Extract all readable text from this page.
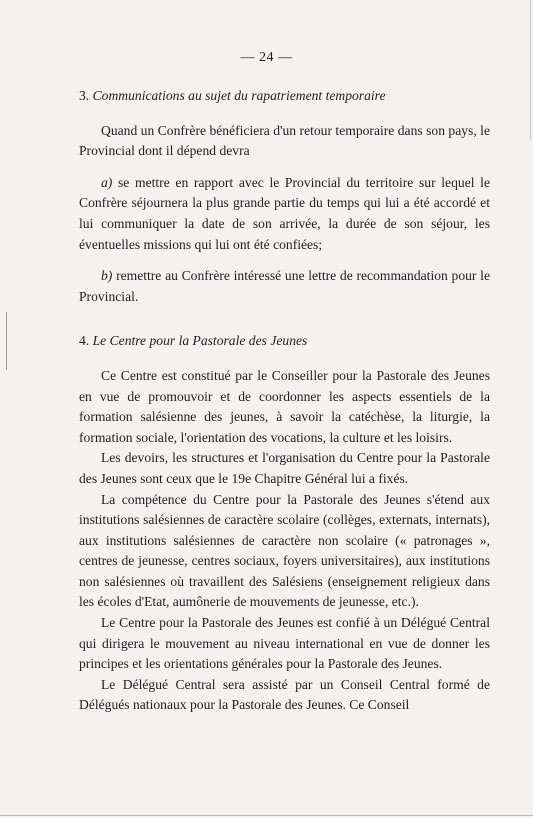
— 24 —
3. Communications au sujet du rapatriement temporaire

Quand un Confrère bénéficiera d'un retour temporaire dans son pays, le Provincial dont il dépend devra

a) se mettre en rapport avec le Provincial du territoire sur lequel le Confrère séjournera la plus grande partie du temps qui lui a été accordé et lui communiquer la date de son arrivée, la durée de son séjour, les éventuelles missions qui lui ont été confiées;

b) remettre au Confrère intéressé une lettre de recommandation pour le Provincial.

4. Le Centre pour la Pastorale des Jeunes

Ce Centre est constitué par le Conseiller pour la Pastorale des Jeunes en vue de promouvoir et de coordonner les aspects essentiels de la formation salésienne des jeunes, à savoir la catéchèse, la liturgie, la formation sociale, l'orientation des vocations, la culture et les loisirs.

Les devoirs, les structures et l'organisation du Centre pour la Pastorale des Jeunes sont ceux que le 19e Chapitre Général lui a fixés.

La compétence du Centre pour la Pastorale des Jeunes s'étend aux institutions salésiennes de caractère scolaire (collèges, externats, internats), aux institutions salésiennes de caractère non scolaire (« patronages », centres de jeunesse, centres sociaux, foyers universitaires), aux institutions non salésiennes où travaillent des Salésiens (enseignement religieux dans les écoles d'Etat, aumônerie de mouvements de jeunesse, etc.).

Le Centre pour la Pastorale des Jeunes est confié à un Délégué Central qui dirigera le mouvement au niveau international en vue de donner les principes et les orientations générales pour la Pastorale des Jeunes.

Le Délégué Central sera assisté par un Conseil Central formé de Délégués nationaux pour la Pastorale des Jeunes. Ce Conseil
